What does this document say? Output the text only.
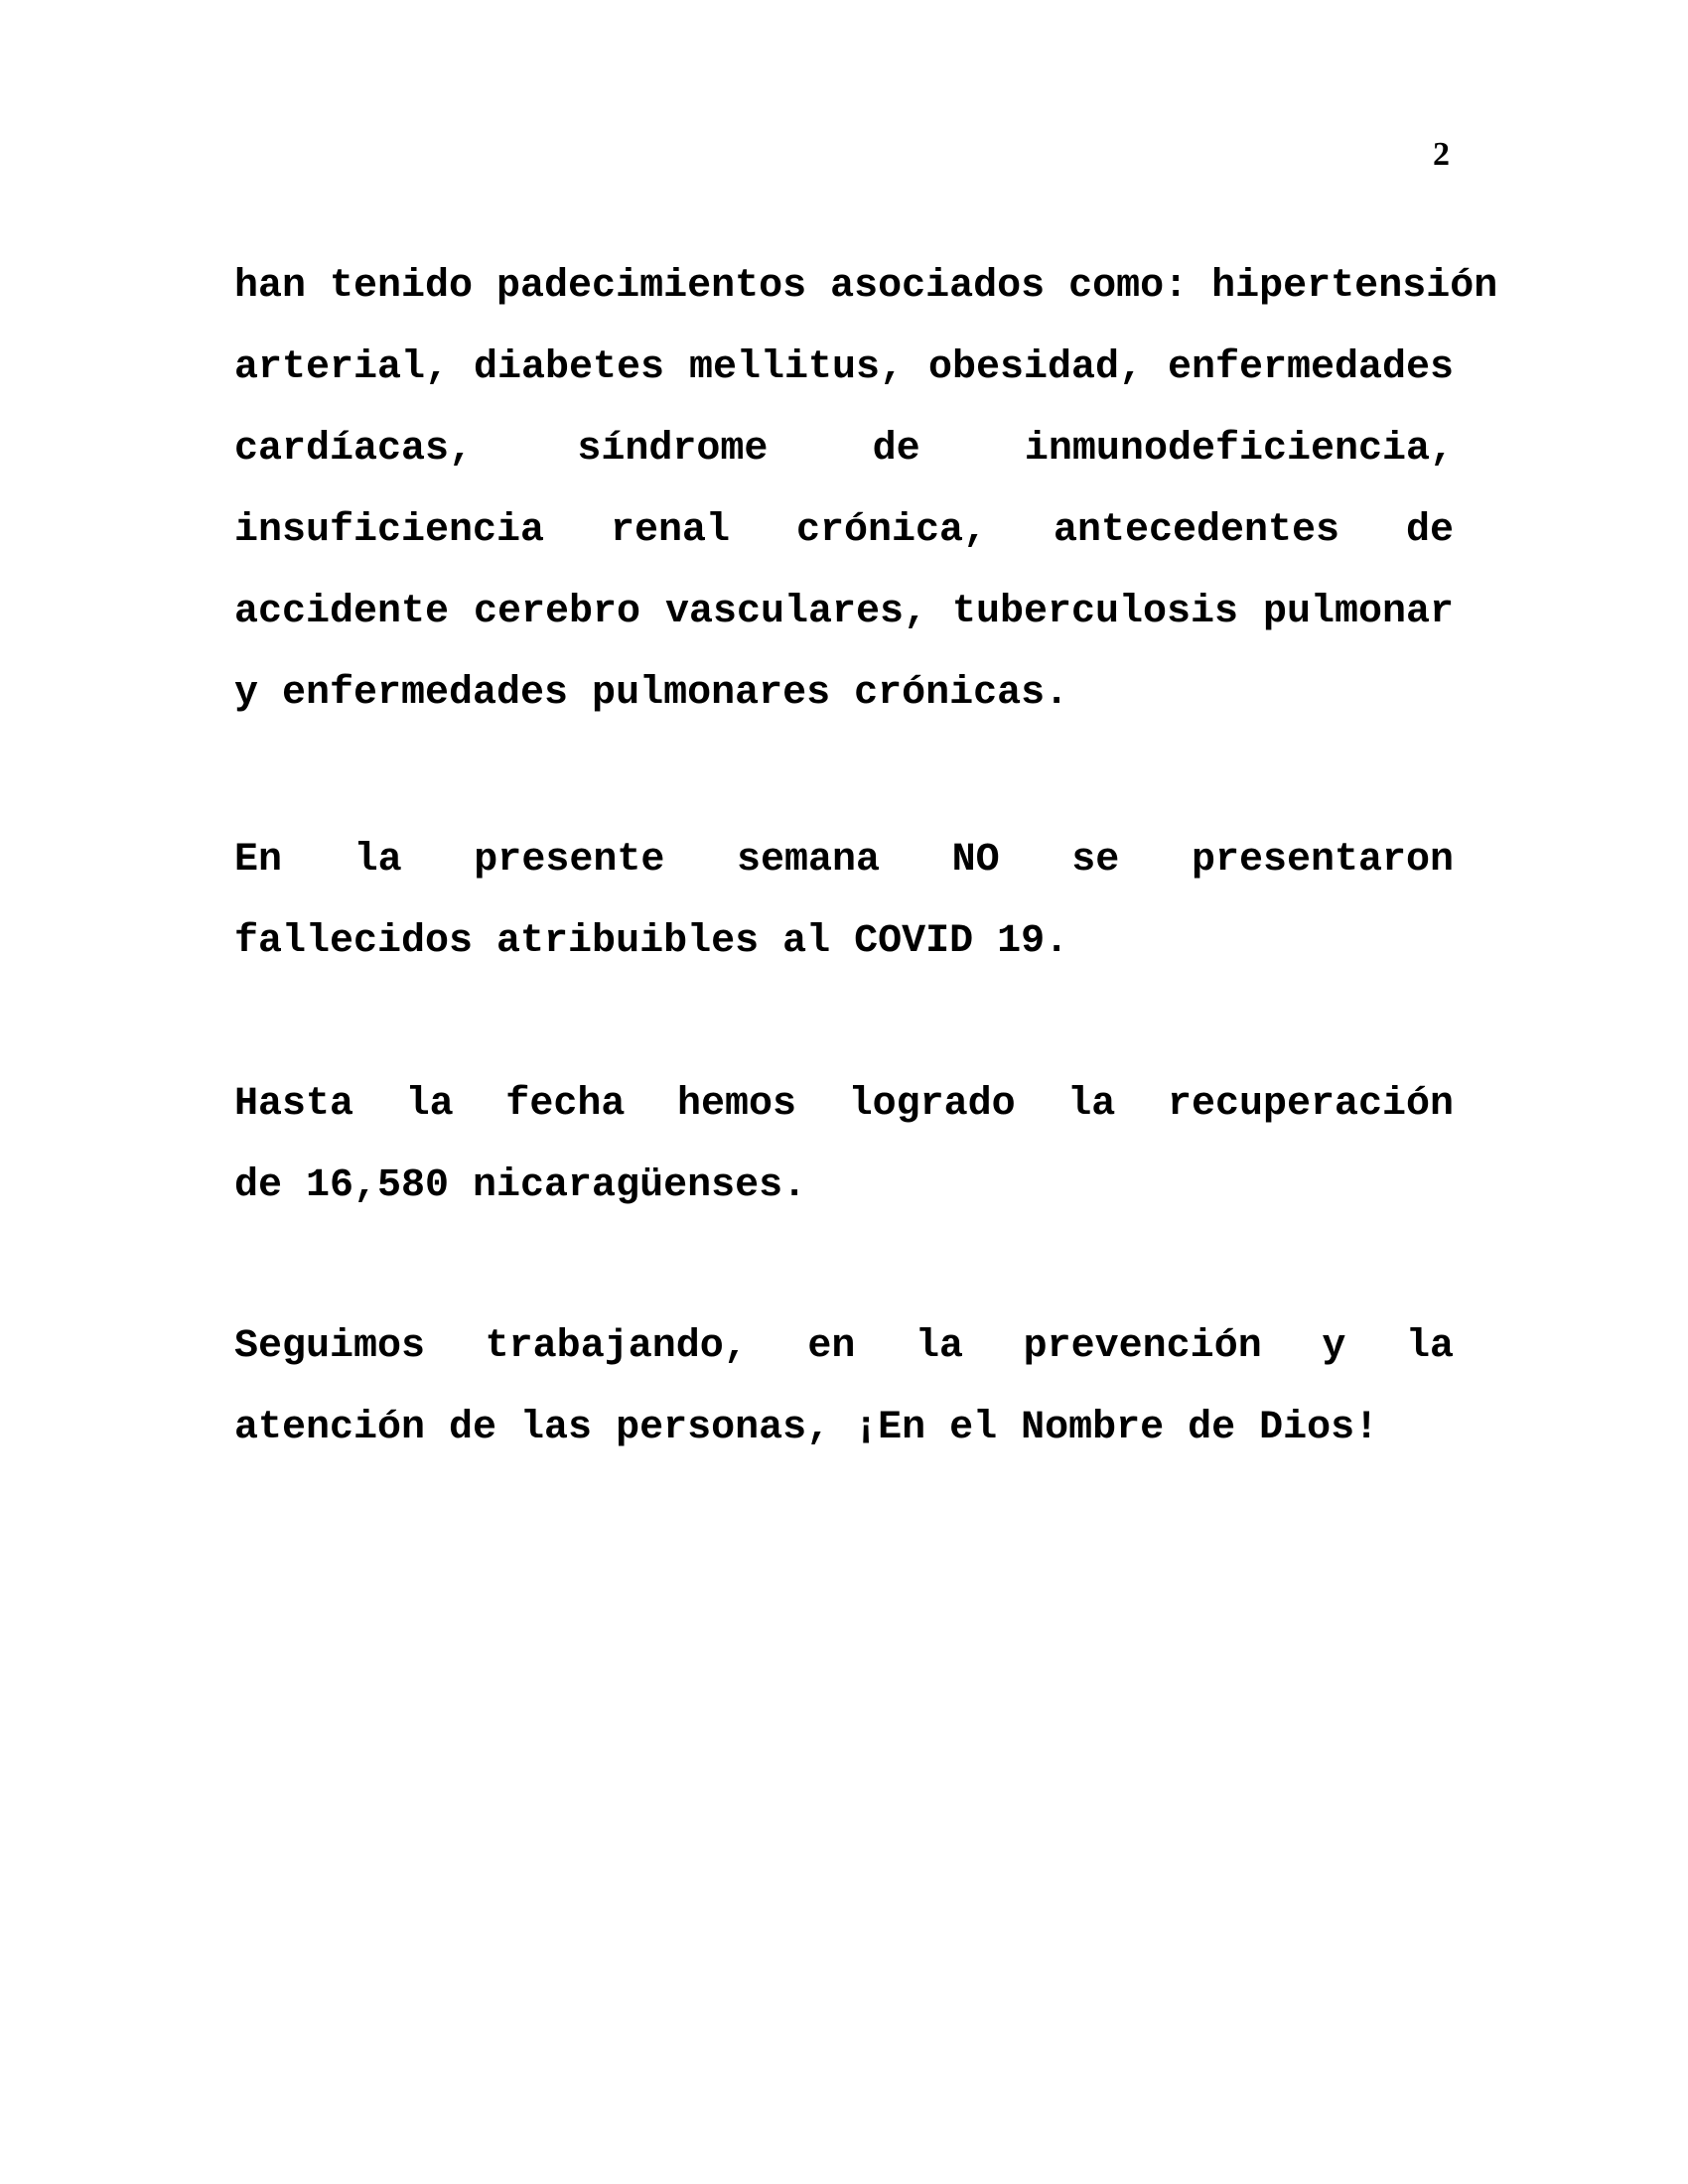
2
han tenido padecimientos asociados como: hipertensión
arterial, diabetes mellitus, obesidad, enfermedades
cardíacas, síndrome de inmunodeficiencia,
insuficiencia renal crónica, antecedentes de
accidente cerebro vasculares, tuberculosis pulmonar
y enfermedades pulmonares crónicas.
En la presente semana NO se presentaron
fallecidos atribuibles al COVID 19.
Hasta la fecha hemos logrado la recuperación
de 16,580 nicaragüenses.
Seguimos trabajando, en la prevención y la
atención de las personas, ¡En el Nombre de Dios!
